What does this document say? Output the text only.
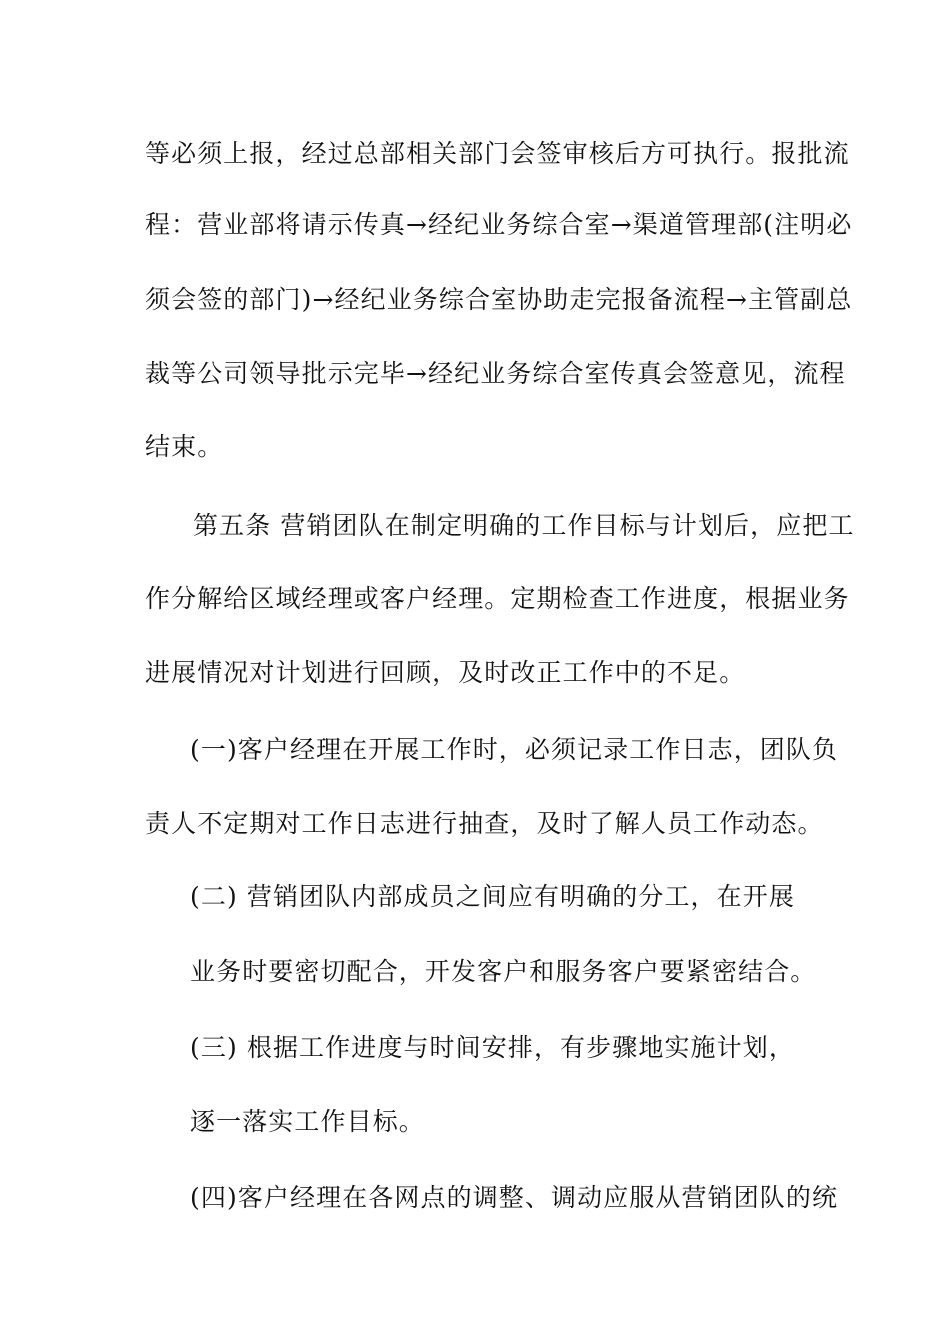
等必须上报，经过总部相关部门会签审核后方可执行。报批流
程：营业部将请示传真→经纪业务综合室→渠道管理部(注明必
须会签的部门)→经纪业务综合室协助走完报备流程→主管副总
裁等公司领导批示完毕→经纪业务综合室传真会签意见，流程
结束。
第五条 营销团队在制定明确的工作目标与计划后，应把工
作分解给区域经理或客户经理。定期检查工作进度，根据业务
进展情况对计划进行回顾，及时改正工作中的不足。
(一)客户经理在开展工作时，必须记录工作日志，团队负
责人不定期对工作日志进行抽查，及时了解人员工作动态。
(二) 营销团队内部成员之间应有明确的分工，在开展
业务时要密切配合，开发客户和服务客户要紧密结合。
(三) 根据工作进度与时间安排，有步骤地实施计划，
逐一落实工作目标。
(四)客户经理在各网点的调整、调动应服从营销团队的统
